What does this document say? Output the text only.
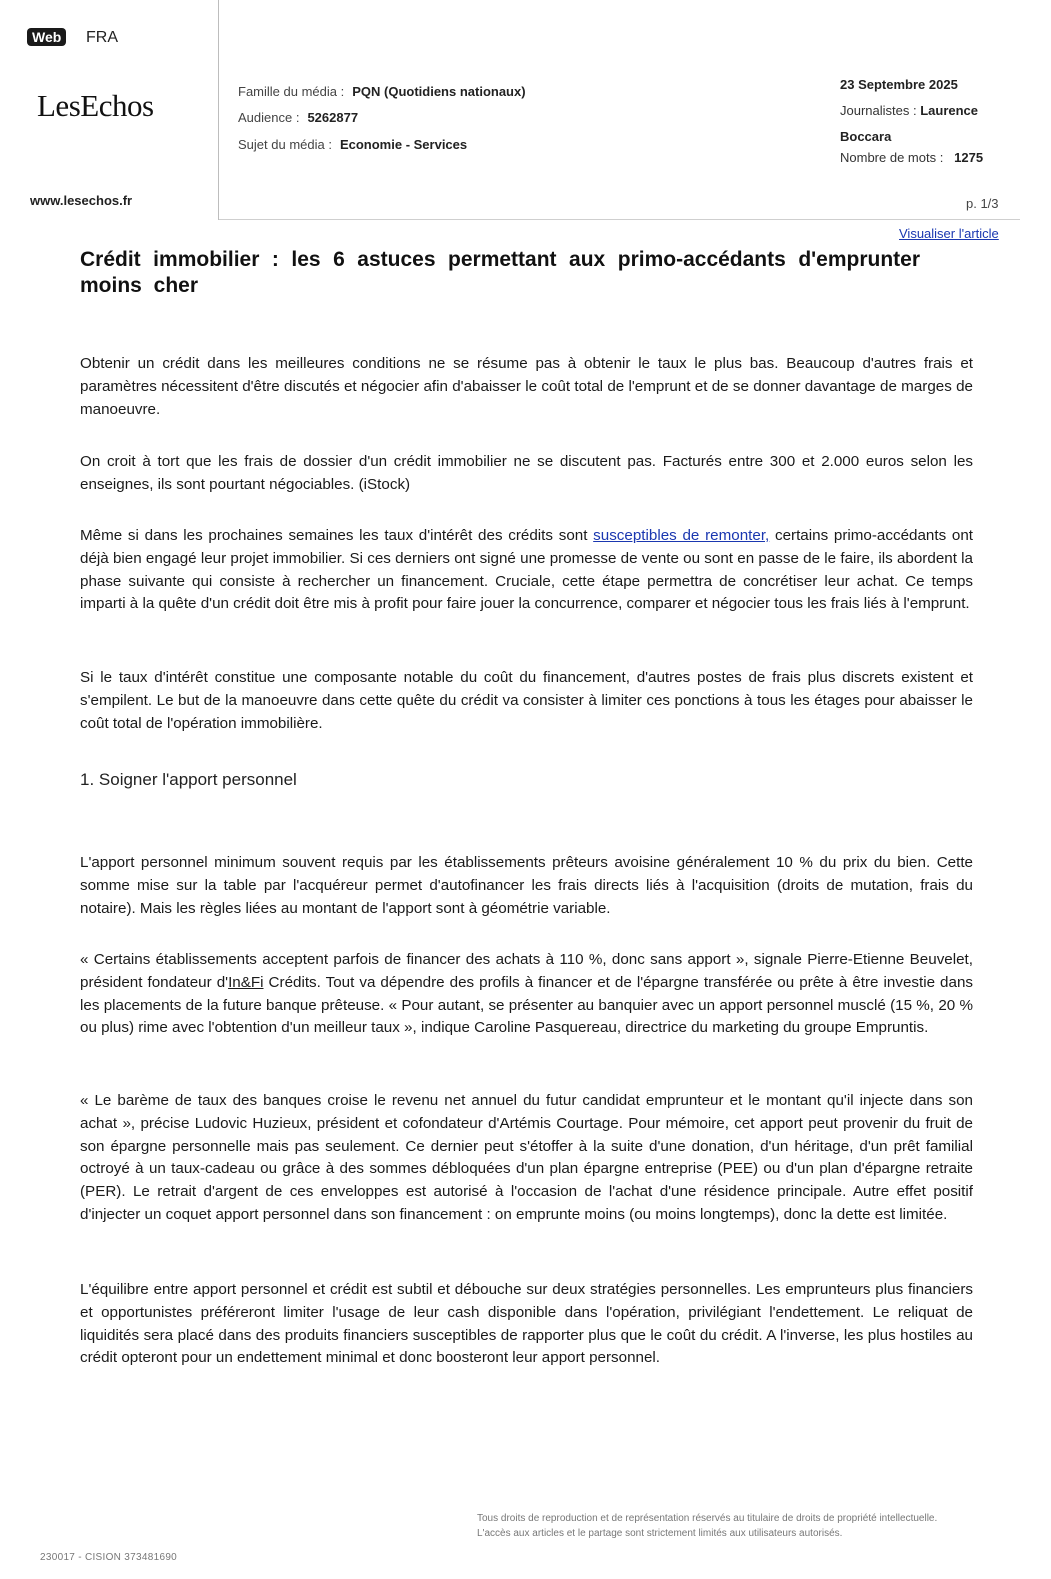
Web	FRA
LesEchos
www.lesechos.fr
Famille du média : PQN (Quotidiens nationaux)
Audience : 5262877
Sujet du média : Economie - Services
23 Septembre 2025
Journalistes : Laurence
Boccara
Nombre de mots : 1275
p. 1/3
Visualiser l'article
Crédit immobilier : les 6 astuces permettant aux primo-accédants d'emprunter moins cher

Obtenir un crédit dans les meilleures conditions ne se résume pas à obtenir le taux le plus bas. Beaucoup d'autres frais et paramètres nécessitent d'être discutés et négocier afin d'abaisser le coût total de l'emprunt et de se donner davantage de marges de manoeuvre.

On croit à tort que les frais de dossier d'un crédit immobilier ne se discutent pas. Facturés entre 300 et 2.000 euros selon les enseignes, ils sont pourtant négociables. (iStock)

Même si dans les prochaines semaines les taux d'intérêt des crédits sont susceptibles de remonter, certains primo-accédants ont déjà bien engagé leur projet immobilier. Si ces derniers ont signé une promesse de vente ou sont en passe de le faire, ils abordent la phase suivante qui consiste à rechercher un financement. Cruciale, cette étape permettra de concrétiser leur achat. Ce temps imparti à la quête d'un crédit doit être mis à profit pour faire jouer la concurrence, comparer et négocier tous les frais liés à l'emprunt.

Si le taux d'intérêt constitue une composante notable du coût du financement, d'autres postes de frais plus discrets existent et s'empilent. Le but de la manoeuvre dans cette quête du crédit va consister à limiter ces ponctions à tous les étages pour abaisser le coût total de l'opération immobilière.

1. Soigner l'apport personnel

L'apport personnel minimum souvent requis par les établissements prêteurs avoisine généralement 10 % du prix du bien. Cette somme mise sur la table par l'acquéreur permet d'autofinancer les frais directs liés à l'acquisition (droits de mutation, frais du notaire). Mais les règles liées au montant de l'apport sont à géométrie variable.

« Certains établissements acceptent parfois de financer des achats à 110 %, donc sans apport », signale Pierre-Etienne Beuvelet, président fondateur d'In&Fi Crédits. Tout va dépendre des profils à financer et de l'épargne transférée ou prête à être investie dans les placements de la future banque prêteuse. « Pour autant, se présenter au banquier avec un apport personnel musclé (15 %, 20 % ou plus) rime avec l'obtention d'un meilleur taux », indique Caroline Pasquereau, directrice du marketing du groupe Empruntis.

« Le barème de taux des banques croise le revenu net annuel du futur candidat emprunteur et le montant qu'il injecte dans son achat », précise Ludovic Huzieux, président et cofondateur d'Artémis Courtage. Pour mémoire, cet apport peut provenir du fruit de son épargne personnelle mais pas seulement. Ce dernier peut s'étoffer à la suite d'une donation, d'un héritage, d'un prêt familial octroyé à un taux-cadeau ou grâce à des sommes débloquées d'un plan épargne entreprise (PEE) ou d'un plan d'épargne retraite (PER). Le retrait d'argent de ces enveloppes est autorisé à l'occasion de l'achat d'une résidence principale. Autre effet positif d'injecter un coquet apport personnel dans son financement : on emprunte moins (ou moins longtemps), donc la dette est limitée.

L'équilibre entre apport personnel et crédit est subtil et débouche sur deux stratégies personnelles. Les emprunteurs plus financiers et opportunistes préféreront limiter l'usage de leur cash disponible dans l'opération, privilégiant l'endettement. Le reliquat de liquidités sera placé dans des produits financiers susceptibles de rapporter plus que le coût du crédit. A l'inverse, les plus hostiles au crédit opteront pour un endettement minimal et donc boosteront leur apport personnel.

230017 - CISION 373481690
Tous droits de reproduction et de représentation réservés au titulaire de droits de propriété intellectuelle.
L'accès aux articles et le partage sont strictement limités aux utilisateurs autorisés.
